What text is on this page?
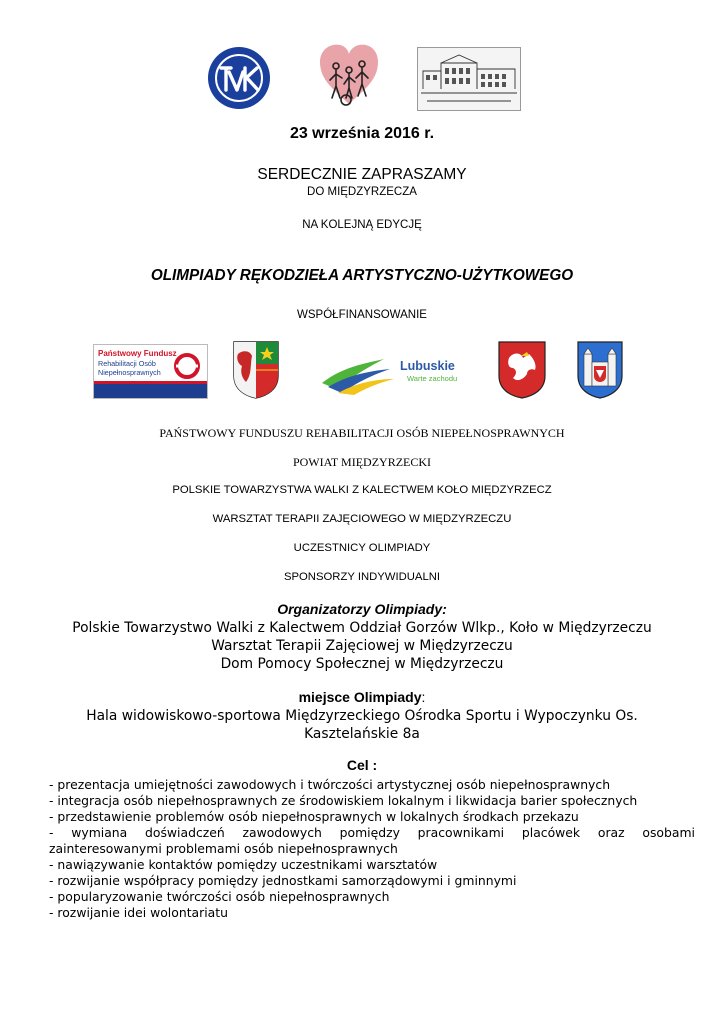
23 września 2016 r.
SERDECZNIE ZAPRASZAMY
DO MIĘDZYRZECZA
NA KOLEJNĄ EDYCJĘ
OLIMPIADY RĘKODZIEŁA ARTYSTYCZNO-UŻYTKOWEGO
WSPÓŁFINANSOWANIE
Państwowy Fundusz
Rehabilitacji Osób
Niepełnosprawnych	Lubuskie
Warte zachodu
PAŃSTWOWY FUNDUSZU REHABILITACJI OSÓB NIEPEŁNOSPRAWNYCH
POWIAT MIĘDZYRZECKI
POLSKIE TOWARZYSTWA WALKI Z KALECTWEM KOŁO MIĘDZYRZECZ
WARSZTAT TERAPII ZAJĘCIOWEGO W MIĘDZYRZECZU
UCZESTNICY OLIMPIADY
SPONSORZY INDYWIDUALNI
Organizatorzy Olimpiady:
Polskie Towarzystwo Walki z Kalectwem Oddział Gorzów Wlkp., Koło w Międzyrzeczu
Warsztat Terapii Zajęciowej w Międzyrzeczu
Dom Pomocy Społecznej w Międzyrzeczu
miejsce Olimpiady:
Hala widowiskowo-sportowa Międzyrzeckiego Ośrodka Sportu i Wypoczynku Os.
Kasztelańskie 8a
Cel :
- prezentacja umiejętności zawodowych i twórczości artystycznej osób niepełnosprawnych
- integracja osób niepełnosprawnych ze środowiskiem lokalnym i likwidacja barier społecznych
- przedstawienie problemów osób niepełnosprawnych w lokalnych środkach przekazu
- wymiana doświadczeń zawodowych pomiędzy pracownikami placówek oraz osobami
zainteresowanymi problemami osób niepełnosprawnych
- nawiązywanie kontaktów pomiędzy uczestnikami warsztatów
- rozwijanie współpracy pomiędzy jednostkami samorządowymi i gminnymi
- popularyzowanie twórczości osób niepełnosprawnych
- rozwijanie idei wolontariatu
